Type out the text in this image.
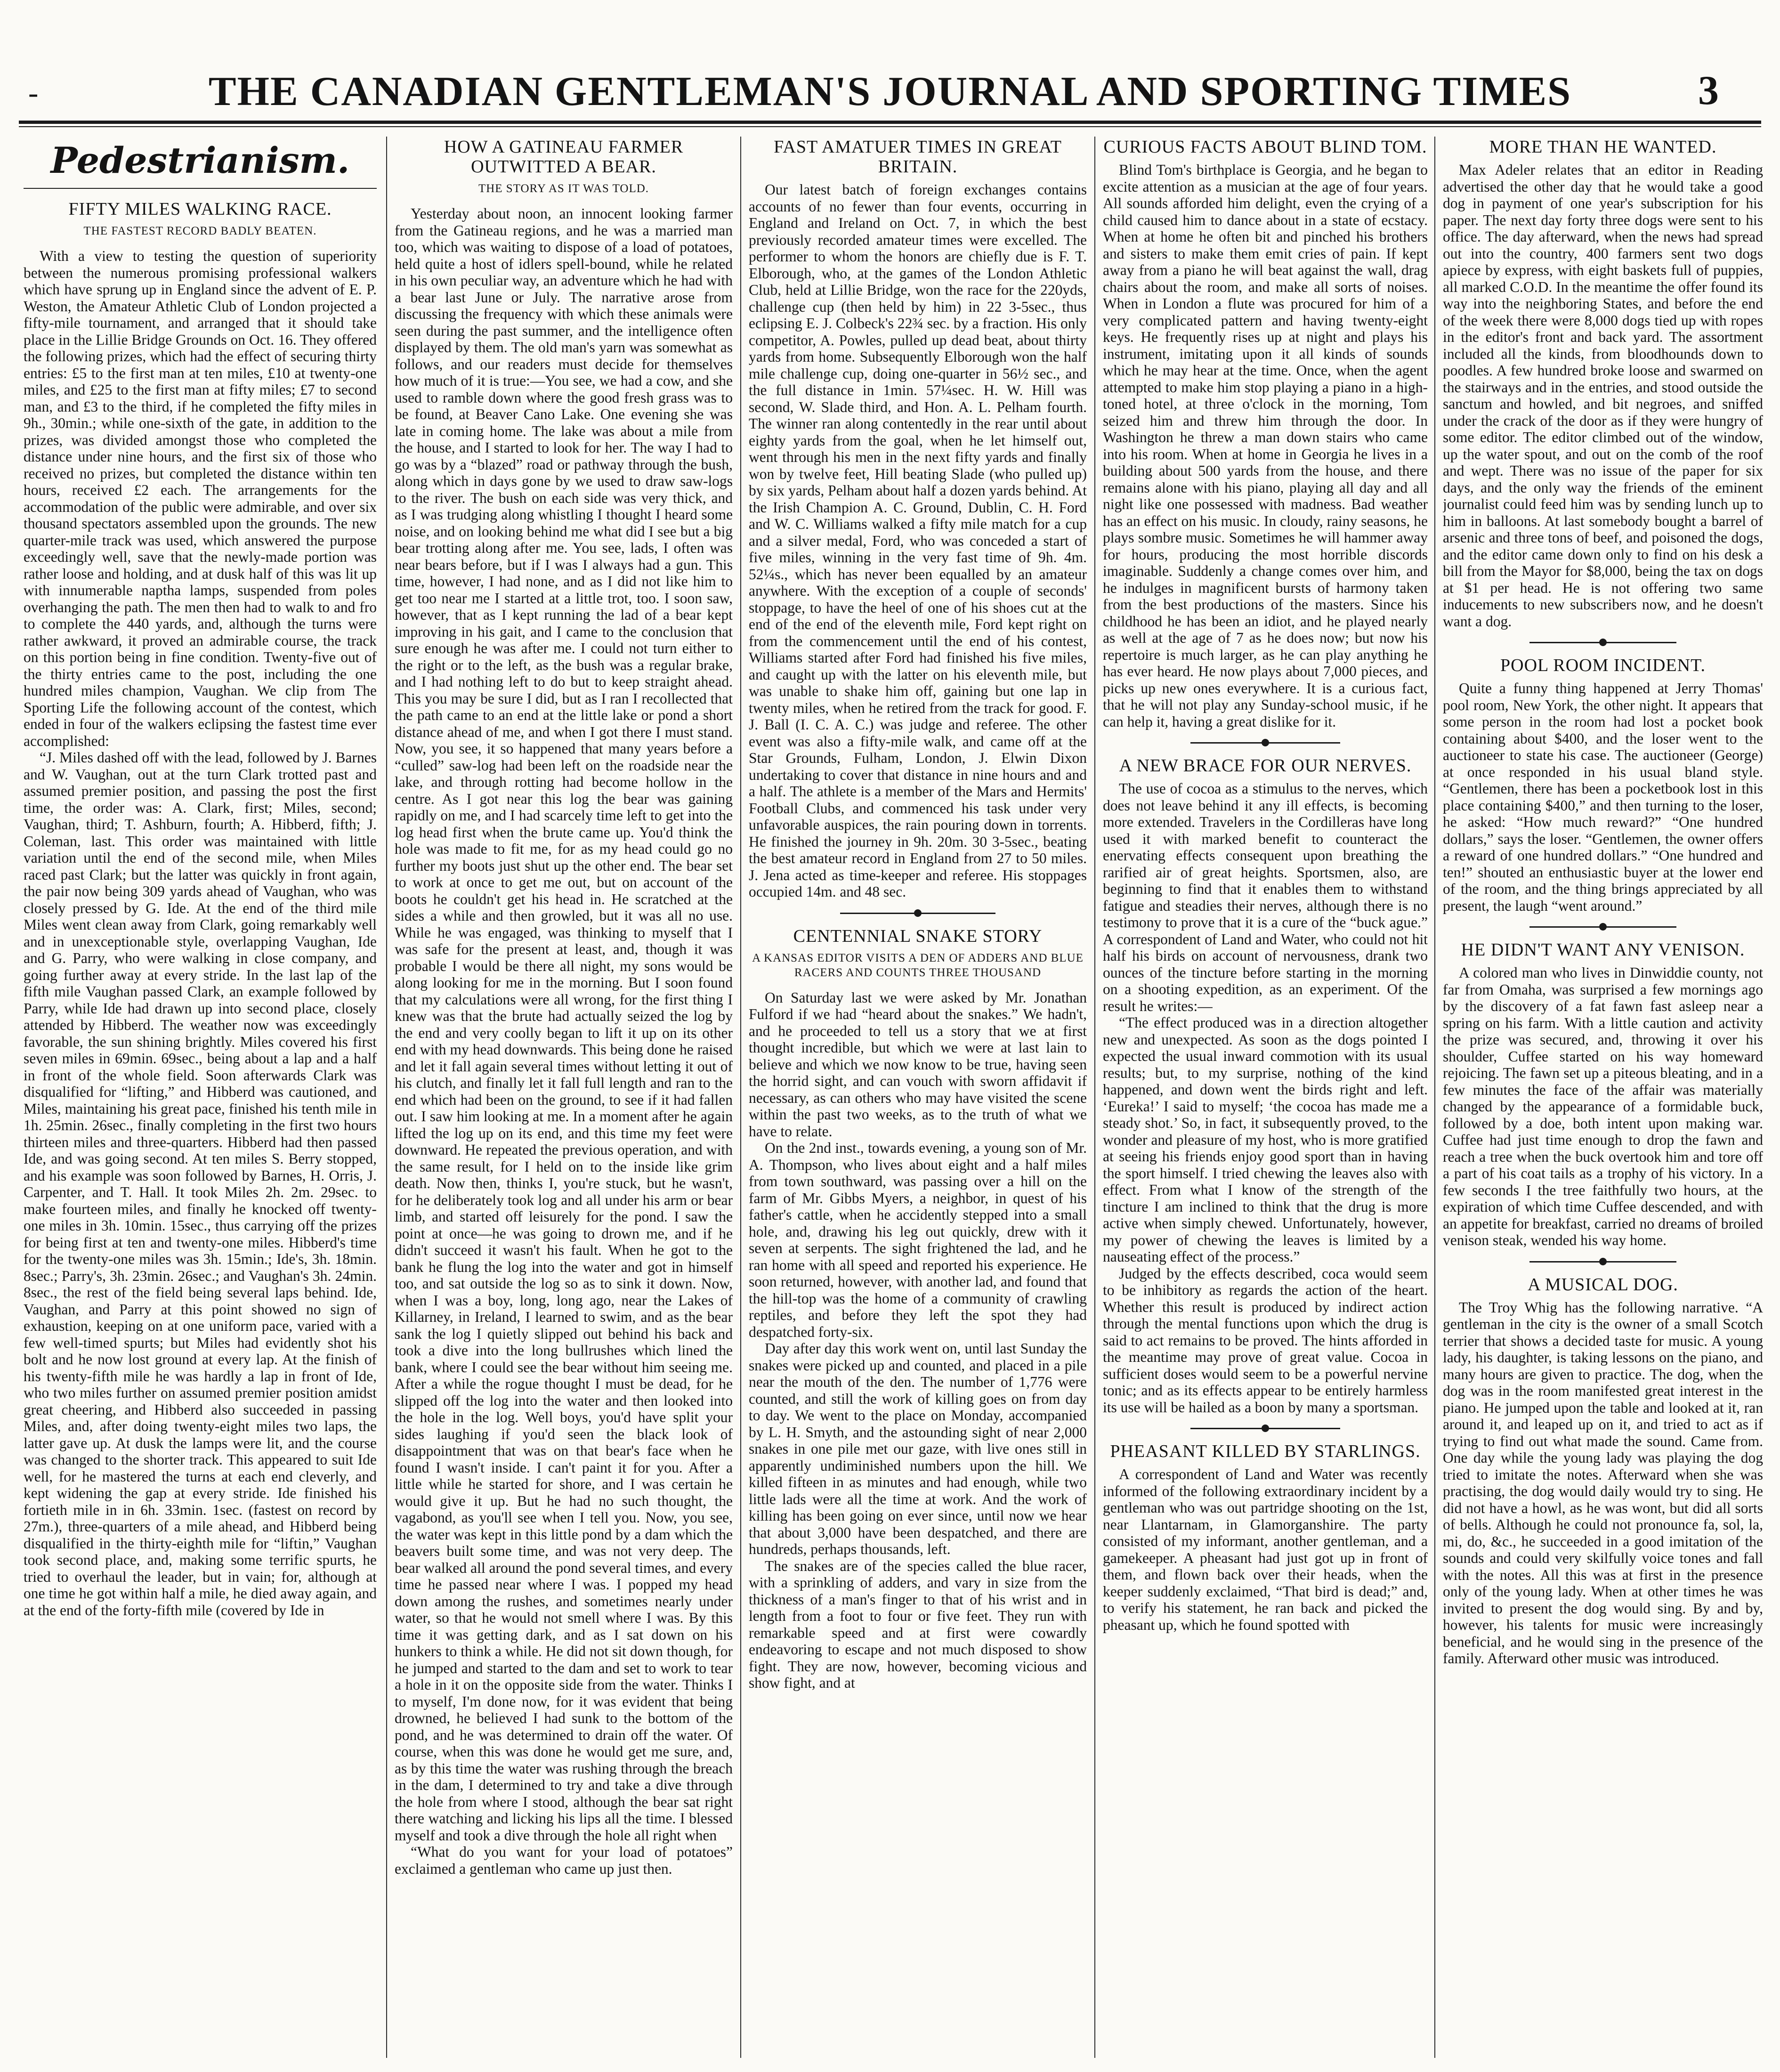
-	THE CANADIAN GENTLEMAN'S JOURNAL AND SPORTING TIMES	3
Pedestrianism.
FIFTY MILES WALKING RACE.
THE FASTEST RECORD BADLY BEATEN.

With a view to testing the question of superiority between the numerous promising professional walkers which have sprung up in England since the advent of E. P. Weston, the Amateur Athletic Club of London projected a fifty-mile tournament, and arranged that it should take place in the Lillie Bridge Grounds on Oct. 16. They offered the following prizes, which had the effect of securing thirty entries: £5 to the first man at ten miles, £10 at twenty-one miles, and £25 to the first man at fifty miles; £7 to second man, and £3 to the third, if he completed the fifty miles in 9h., 30min.; while one-sixth of the gate, in addition to the prizes, was divided amongst those who completed the distance under nine hours, and the first six of those who received no prizes, but completed the distance within ten hours, received £2 each. The arrangements for the accommodation of the public were admirable, and over six thousand spectators assembled upon the grounds. The new quarter-mile track was used, which answered the purpose exceedingly well, save that the newly-made portion was rather loose and holding, and at dusk half of this was lit up with innumerable naptha lamps, suspended from poles overhanging the path. The men then had to walk to and fro to complete the 440 yards, and, although the turns were rather awkward, it proved an admirable course, the track on this portion being in fine condition. Twenty-five out of the thirty entries came to the post, including the one hundred miles champion, Vaughan. We clip from The Sporting Life the following account of the contest, which ended in four of the walkers eclipsing the fastest time ever accomplished:

“J. Miles dashed off with the lead, followed by J. Barnes and W. Vaughan, out at the turn Clark trotted past and assumed premier position, and passing the post the first time, the order was: A. Clark, first; Miles, second; Vaughan, third; T. Ashburn, fourth; A. Hibberd, fifth; J. Coleman, last. This order was maintained with little variation until the end of the second mile, when Miles raced past Clark; but the latter was quickly in front again, the pair now being 309 yards ahead of Vaughan, who was closely pressed by G. Ide. At the end of the third mile Miles went clean away from Clark, going remarkably well and in unexceptionable style, overlapping Vaughan, Ide and G. Parry, who were walking in close company, and going further away at every stride. In the last lap of the fifth mile Vaughan passed Clark, an example followed by Parry, while Ide had drawn up into second place, closely attended by Hibberd. The weather now was exceedingly favorable, the sun shining brightly. Miles covered his first seven miles in 69min. 69sec., being about a lap and a half in front of the whole field. Soon afterwards Clark was disqualified for “lifting,” and Hibberd was cautioned, and Miles, maintaining his great pace, finished his tenth mile in 1h. 25min. 26sec., finally completing in the first two hours thirteen miles and three-quarters. Hibberd had then passed Ide, and was going second. At ten miles S. Berry stopped, and his example was soon followed by Barnes, H. Orris, J. Carpenter, and T. Hall. It took Miles 2h. 2m. 29sec. to make fourteen miles, and finally he knocked off twenty-one miles in 3h. 10min. 15sec., thus carrying off the prizes for being first at ten and twenty-one miles. Hibberd's time for the twenty-one miles was 3h. 15min.; Ide's, 3h. 18min. 8sec.; Parry's, 3h. 23min. 26sec.; and Vaughan's 3h. 24min. 8sec., the rest of the field being several laps behind. Ide, Vaughan, and Parry at this point showed no sign of exhaustion, keeping on at one uniform pace, varied with a few well-timed spurts; but Miles had evidently shot his bolt and he now lost ground at every lap. At the finish of his twenty-fifth mile he was hardly a lap in front of Ide, who two miles further on assumed premier position amidst great cheering, and Hibberd also succeeded in passing Miles, and, after doing twenty-eight miles two laps, the latter gave up. At dusk the lamps were lit, and the course was changed to the shorter track. This appeared to suit Ide well, for he mastered the turns at each end cleverly, and kept widening the gap at every stride. Ide finished his fortieth mile in in 6h. 33min. 1sec. (fastest on record by 27m.), three-quarters of a mile ahead, and Hibberd being disqualified in the thirty-eighth mile for “liftin,” Vaughan took second place, and, making some terrific spurts, he tried to overhaul the leader, but in vain; for, although at one time he got within half a mile, he died away again, and at the end of the forty-fifth mile (covered by Ide in

HOW A GATINEAU FARMER OUTWITTED A BEAR.
THE STORY AS IT WAS TOLD.

Yesterday about noon, an innocent looking farmer from the Gatineau regions, and he was a married man too, which was waiting to dispose of a load of potatoes, held quite a host of idlers spell-bound, while he related in his own peculiar way, an adventure which he had with a bear last June or July. The narrative arose from discussing the frequency with which these animals were seen during the past summer, and the intelligence often displayed by them. The old man's yarn was somewhat as follows, and our readers must decide for themselves how much of it is true:—You see, we had a cow, and she used to ramble down where the good fresh grass was to be found, at Beaver Cano Lake. One evening she was late in coming home. The lake was about a mile from the house, and I started to look for her. The way I had to go was by a “blazed” road or pathway through the bush, along which in days gone by we used to draw saw-logs to the river. The bush on each side was very thick, and as I was trudging along whistling I thought I heard some noise, and on looking behind me what did I see but a big bear trotting along after me. You see, lads, I often was near bears before, but if I was I always had a gun. This time, however, I had none, and as I did not like him to get too near me I started at a little trot, too. I soon saw, however, that as I kept running the lad of a bear kept improving in his gait, and I came to the conclusion that sure enough he was after me. I could not turn either to the right or to the left, as the bush was a regular brake, and I had nothing left to do but to keep straight ahead. This you may be sure I did, but as I ran I recollected that the path came to an end at the little lake or pond a short distance ahead of me, and when I got there I must stand. Now, you see, it so happened that many years before a “culled” saw-log had been left on the roadside near the lake, and through rotting had become hollow in the centre. As I got near this log the bear was gaining rapidly on me, and I had scarcely time left to get into the log head first when the brute came up. You'd think the hole was made to fit me, for as my head could go no further my boots just shut up the other end. The bear set to work at once to get me out, but on account of the boots he couldn't get his head in. He scratched at the sides a while and then growled, but it was all no use. While he was engaged, was thinking to myself that I was safe for the present at least, and, though it was probable I would be there all night, my sons would be along looking for me in the morning. But I soon found that my calculations were all wrong, for the first thing I knew was that the brute had actually seized the log by the end and very coolly began to lift it up on its other end with my head downwards. This being done he raised and let it fall again several times without letting it out of his clutch, and finally let it fall full length and ran to the end which had been on the ground, to see if it had fallen out. I saw him looking at me. In a moment after he again lifted the log up on its end, and this time my feet were downward. He repeated the previous operation, and with the same result, for I held on to the inside like grim death. Now then, thinks I, you're stuck, but he wasn't, for he deliberately took log and all under his arm or bear limb, and started off leisurely for the pond. I saw the point at once—he was going to drown me, and if he didn't succeed it wasn't his fault. When he got to the bank he flung the log into the water and got in himself too, and sat outside the log so as to sink it down. Now, when I was a boy, long, long ago, near the Lakes of Killarney, in Ireland, I learned to swim, and as the bear sank the log I quietly slipped out behind his back and took a dive into the long bullrushes which lined the bank, where I could see the bear without him seeing me. After a while the rogue thought I must be dead, for he slipped off the log into the water and then looked into the hole in the log. Well boys, you'd have split your sides laughing if you'd seen the black look of disappointment that was on that bear's face when he found I wasn't inside. I can't paint it for you. After a little while he started for shore, and I was certain he would give it up. But he had no such thought, the vagabond, as you'll see when I tell you. Now, you see, the water was kept in this little pond by a dam which the beavers built some time, and was not very deep. The bear walked all around the pond several times, and every time he passed near where I was. I popped my head down among the rushes, and sometimes nearly under water, so that he would not smell where I was. By this time it was getting dark, and as I sat down on his hunkers to think a while. He did not sit down though, for he jumped and started to the dam and set to work to tear a hole in it on the opposite side from the water. Thinks I to myself, I'm done now, for it was evident that being drowned, he believed I had sunk to the bottom of the pond, and he was determined to drain off the water. Of course, when this was done he would get me sure, and, as by this time the water was rushing through the breach in the dam, I determined to try and take a dive through the hole from where I stood, although the bear sat right there watching and licking his lips all the time. I blessed myself and took a dive through the hole all right when

“What do you want for your load of potatoes” exclaimed a gentleman who came up just then.

FAST AMATUER TIMES IN GREAT BRITAIN.

Our latest batch of foreign exchanges contains accounts of no fewer than four events, occurring in England and Ireland on Oct. 7, in which the best previously recorded amateur times were excelled. The performer to whom the honors are chiefly due is F. T. Elborough, who, at the games of the London Athletic Club, held at Lillie Bridge, won the race for the 220yds, challenge cup (then held by him) in 22 3-5sec., thus eclipsing E. J. Colbeck's 22¾ sec. by a fraction. His only competitor, A. Powles, pulled up dead beat, about thirty yards from home. Subsequently Elborough won the half mile challenge cup, doing one-quarter in 56½ sec., and the full distance in 1min. 57¼sec. H. W. Hill was second, W. Slade third, and Hon. A. L. Pelham fourth. The winner ran along contentedly in the rear until about eighty yards from the goal, when he let himself out, went through his men in the next fifty yards and finally won by twelve feet, Hill beating Slade (who pulled up) by six yards, Pelham about half a dozen yards behind. At the Irish Champion A. C. Ground, Dublin, C. H. Ford and W. C. Williams walked a fifty mile match for a cup and a silver medal, Ford, who was conceded a start of five miles, winning in the very fast time of 9h. 4m. 52¼s., which has never been equalled by an amateur anywhere. With the exception of a couple of seconds' stoppage, to have the heel of one of his shoes cut at the end of the end of the eleventh mile, Ford kept right on from the commencement until the end of his contest, Williams started after Ford had finished his five miles, and caught up with the latter on his eleventh mile, but was unable to shake him off, gaining but one lap in twenty miles, when he retired from the track for good. F. J. Ball (I. C. A. C.) was judge and referee. The other event was also a fifty-mile walk, and came off at the Star Grounds, Fulham, London, J. Elwin Dixon undertaking to cover that distance in nine hours and and a half. The athlete is a member of the Mars and Hermits' Football Clubs, and commenced his task under very unfavorable auspices, the rain pouring down in torrents. He finished the journey in 9h. 20m. 30 3-5sec., beating the best amateur record in England from 27 to 50 miles. J. Jena acted as time-keeper and referee. His stoppages occupied 14m. and 48 sec.

CENTENNIAL SNAKE STORY
A KANSAS EDITOR VISITS A DEN OF ADDERS AND BLUE RACERS AND COUNTS THREE THOUSAND

On Saturday last we were asked by Mr. Jonathan Fulford if we had “heard about the snakes.” We hadn't, and he proceeded to tell us a story that we at first thought incredible, but which we were at last lain to believe and which we now know to be true, having seen the horrid sight, and can vouch with sworn affidavit if necessary, as can others who may have visited the scene within the past two weeks, as to the truth of what we have to relate.

On the 2nd inst., towards evening, a young son of Mr. A. Thompson, who lives about eight and a half miles from town southward, was passing over a hill on the farm of Mr. Gibbs Myers, a neighbor, in quest of his father's cattle, when he accidently stepped into a small hole, and, drawing his leg out quickly, drew with it seven at serpents. The sight frightened the lad, and he ran home with all speed and reported his experience. He soon returned, however, with another lad, and found that the hill-top was the home of a community of crawling reptiles, and before they left the spot they had despatched forty-six.

Day after day this work went on, until last Sunday the snakes were picked up and counted, and placed in a pile near the mouth of the den. The number of 1,776 were counted, and still the work of killing goes on from day to day. We went to the place on Monday, accompanied by L. H. Smyth, and the astounding sight of near 2,000 snakes in one pile met our gaze, with live ones still in apparently undiminished numbers upon the hill. We killed fifteen in as minutes and had enough, while two little lads were all the time at work. And the work of killing has been going on ever since, until now we hear that about 3,000 have been despatched, and there are hundreds, perhaps thousands, left.

The snakes are of the species called the blue racer, with a sprinkling of adders, and vary in size from the thickness of a man's finger to that of his wrist and in length from a foot to four or five feet. They run with remarkable speed and at first were cowardly endeavoring to escape and not much disposed to show fight. They are now, however, becoming vicious and show fight, and at

CURIOUS FACTS ABOUT BLIND TOM.

Blind Tom's birthplace is Georgia, and he began to excite attention as a musician at the age of four years. All sounds afforded him delight, even the crying of a child caused him to dance about in a state of ecstacy. When at home he often bit and pinched his brothers and sisters to make them emit cries of pain. If kept away from a piano he will beat against the wall, drag chairs about the room, and make all sorts of noises. When in London a flute was procured for him of a very complicated pattern and having twenty-eight keys. He frequently rises up at night and plays his instrument, imitating upon it all kinds of sounds which he may hear at the time. Once, when the agent attempted to make him stop playing a piano in a high-toned hotel, at three o'clock in the morning, Tom seized him and threw him through the door. In Washington he threw a man down stairs who came into his room. When at home in Georgia he lives in a building about 500 yards from the house, and there remains alone with his piano, playing all day and all night like one possessed with madness. Bad weather has an effect on his music. In cloudy, rainy seasons, he plays sombre music. Sometimes he will hammer away for hours, producing the most horrible discords imaginable. Suddenly a change comes over him, and he indulges in magnificent bursts of harmony taken from the best productions of the masters. Since his childhood he has been an idiot, and he played nearly as well at the age of 7 as he does now; but now his repertoire is much larger, as he can play anything he has ever heard. He now plays about 7,000 pieces, and picks up new ones everywhere. It is a curious fact, that he will not play any Sunday-school music, if he can help it, having a great dislike for it.

A NEW BRACE FOR OUR NERVES.

The use of cocoa as a stimulus to the nerves, which does not leave behind it any ill effects, is becoming more extended. Travelers in the Cordilleras have long used it with marked benefit to counteract the enervating effects consequent upon breathing the rarified air of great heights. Sportsmen, also, are beginning to find that it enables them to withstand fatigue and steadies their nerves, although there is no testimony to prove that it is a cure of the “buck ague.” A correspondent of Land and Water, who could not hit half his birds on account of nervousness, drank two ounces of the tincture before starting in the morning on a shooting expedition, as an experiment. Of the result he writes:—

“The effect produced was in a direction altogether new and unexpected. As soon as the dogs pointed I expected the usual inward commotion with its usual results; but, to my surprise, nothing of the kind happened, and down went the birds right and left. ‘Eureka!’ I said to myself; ‘the cocoa has made me a steady shot.’ So, in fact, it subsequently proved, to the wonder and pleasure of my host, who is more gratified at seeing his friends enjoy good sport than in having the sport himself. I tried chewing the leaves also with effect. From what I know of the strength of the tincture I am inclined to think that the drug is more active when simply chewed. Unfortunately, however, my power of chewing the leaves is limited by a nauseating effect of the process.”

Judged by the effects described, coca would seem to be inhibitory as regards the action of the heart. Whether this result is produced by indirect action through the mental functions upon which the drug is said to act remains to be proved. The hints afforded in the meantime may prove of great value. Cocoa in sufficient doses would seem to be a powerful nervine tonic; and as its effects appear to be entirely harmless its use will be hailed as a boon by many a sportsman.

PHEASANT KILLED BY STARLINGS.

A correspondent of Land and Water was recently informed of the following extraordinary incident by a gentleman who was out partridge shooting on the 1st, near Llantarnam, in Glamorganshire. The party consisted of my informant, another gentleman, and a gamekeeper. A pheasant had just got up in front of them, and flown back over their heads, when the keeper suddenly exclaimed, “That bird is dead;” and, to verify his statement, he ran back and picked the pheasant up, which he found spotted with

MORE THAN HE WANTED.

Max Adeler relates that an editor in Reading advertised the other day that he would take a good dog in payment of one year's subscription for his paper. The next day forty three dogs were sent to his office. The day afterward, when the news had spread out into the country, 400 farmers sent two dogs apiece by express, with eight baskets full of puppies, all marked C.O.D. In the meantime the offer found its way into the neighboring States, and before the end of the week there were 8,000 dogs tied up with ropes in the editor's front and back yard. The assortment included all the kinds, from bloodhounds down to poodles. A few hundred broke loose and swarmed on the stairways and in the entries, and stood outside the sanctum and howled, and bit negroes, and sniffed under the crack of the door as if they were hungry of some editor. The editor climbed out of the window, up the water spout, and out on the comb of the roof and wept. There was no issue of the paper for six days, and the only way the friends of the eminent journalist could feed him was by sending lunch up to him in balloons. At last somebody bought a barrel of arsenic and three tons of beef, and poisoned the dogs, and the editor came down only to find on his desk a bill from the Mayor for $8,000, being the tax on dogs at $1 per head. He is not offering two same inducements to new subscribers now, and he doesn't want a dog.

POOL ROOM INCIDENT.

Quite a funny thing happened at Jerry Thomas' pool room, New York, the other night. It appears that some person in the room had lost a pocket book containing about $400, and the loser went to the auctioneer to state his case. The auctioneer (George) at once responded in his usual bland style. “Gentlemen, there has been a pocketbook lost in this place containing $400,” and then turning to the loser, he asked: “How much reward?” “One hundred dollars,” says the loser. “Gentlemen, the owner offers a reward of one hundred dollars.” “One hundred and ten!” shouted an enthusiastic buyer at the lower end of the room, and the thing brings appreciated by all present, the laugh “went around.”

HE DIDN'T WANT ANY VENISON.

A colored man who lives in Dinwiddie county, not far from Omaha, was surprised a few mornings ago by the discovery of a fat fawn fast asleep near a spring on his farm. With a little caution and activity the prize was secured, and, throwing it over his shoulder, Cuffee started on his way homeward rejoicing. The fawn set up a piteous bleating, and in a few minutes the face of the affair was materially changed by the appearance of a formidable buck, followed by a doe, both intent upon making war. Cuffee had just time enough to drop the fawn and reach a tree when the buck overtook him and tore off a part of his coat tails as a trophy of his victory. In a few seconds I the tree faithfully two hours, at the expiration of which time Cuffee descended, and with an appetite for breakfast, carried no dreams of broiled venison steak, wended his way home.

A MUSICAL DOG.

The Troy Whig has the following narrative. “A gentleman in the city is the owner of a small Scotch terrier that shows a decided taste for music. A young lady, his daughter, is taking lessons on the piano, and many hours are given to practice. The dog, when the dog was in the room manifested great interest in the piano. He jumped upon the table and looked at it, ran around it, and leaped up on it, and tried to act as if trying to find out what made the sound. Came from. One day while the young lady was playing the dog tried to imitate the notes. Afterward when she was practising, the dog would daily would try to sing. He did not have a howl, as he was wont, but did all sorts of bells. Although he could not pronounce fa, sol, la, mi, do, &c., he succeeded in a good imitation of the sounds and could very skilfully voice tones and fall with the notes. All this was at first in the presence only of the young lady. When at other times he was invited to present the dog would sing. By and by, however, his talents for music were increasingly beneficial, and he would sing in the presence of the family. Afterward other music was introduced.
